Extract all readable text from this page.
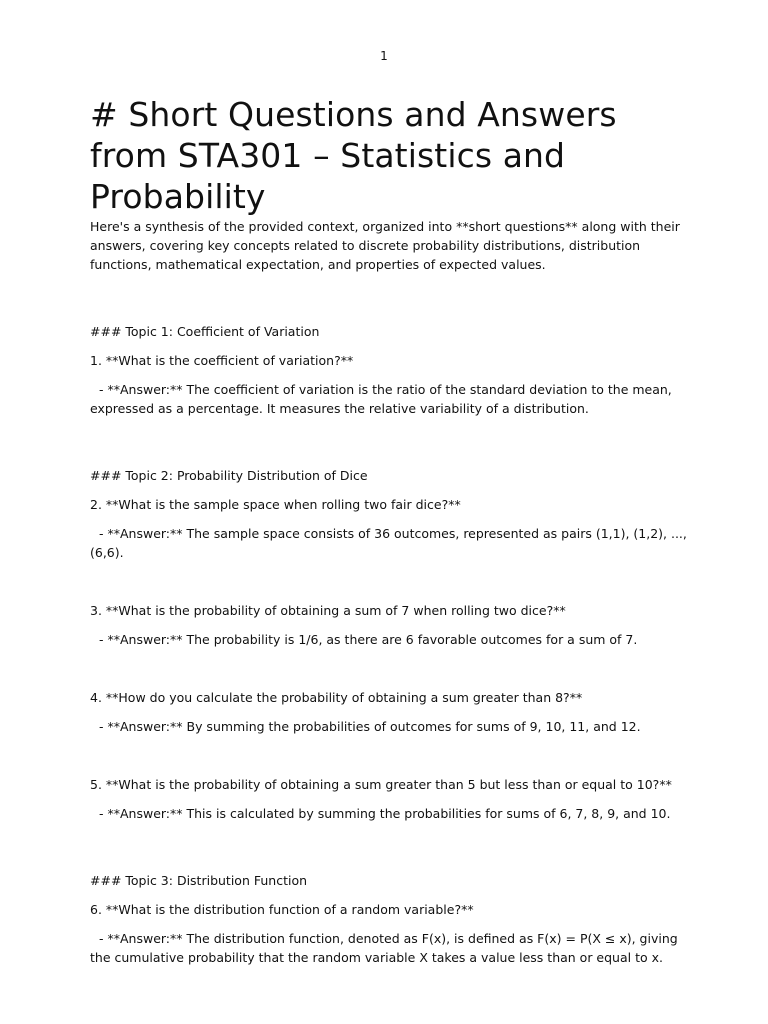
1
# Short Questions and Answers from STA301 – Statistics and Probability

Here's a synthesis of the provided context, organized into **short questions** along with their answers, covering key concepts related to discrete probability distributions, distribution functions, mathematical expectation, and properties of expected values.

### Topic 1: Coefficient of Variation

1. **What is the coefficient of variation?**

- **Answer:** The coefficient of variation is the ratio of the standard deviation to the mean, expressed as a percentage. It measures the relative variability of a distribution.

### Topic 2: Probability Distribution of Dice

2. **What is the sample space when rolling two fair dice?**

- **Answer:** The sample space consists of 36 outcomes, represented as pairs (1,1), (1,2), ..., (6,6).

3. **What is the probability of obtaining a sum of 7 when rolling two dice?**

- **Answer:** The probability is 1/6, as there are 6 favorable outcomes for a sum of 7.

4. **How do you calculate the probability of obtaining a sum greater than 8?**

- **Answer:** By summing the probabilities of outcomes for sums of 9, 10, 11, and 12.

5. **What is the probability of obtaining a sum greater than 5 but less than or equal to 10?**

- **Answer:** This is calculated by summing the probabilities for sums of 6, 7, 8, 9, and 10.

### Topic 3: Distribution Function

6. **What is the distribution function of a random variable?**

- **Answer:** The distribution function, denoted as F(x), is defined as F(x) = P(X ≤ x), giving the cumulative probability that the random variable X takes a value less than or equal to x.
